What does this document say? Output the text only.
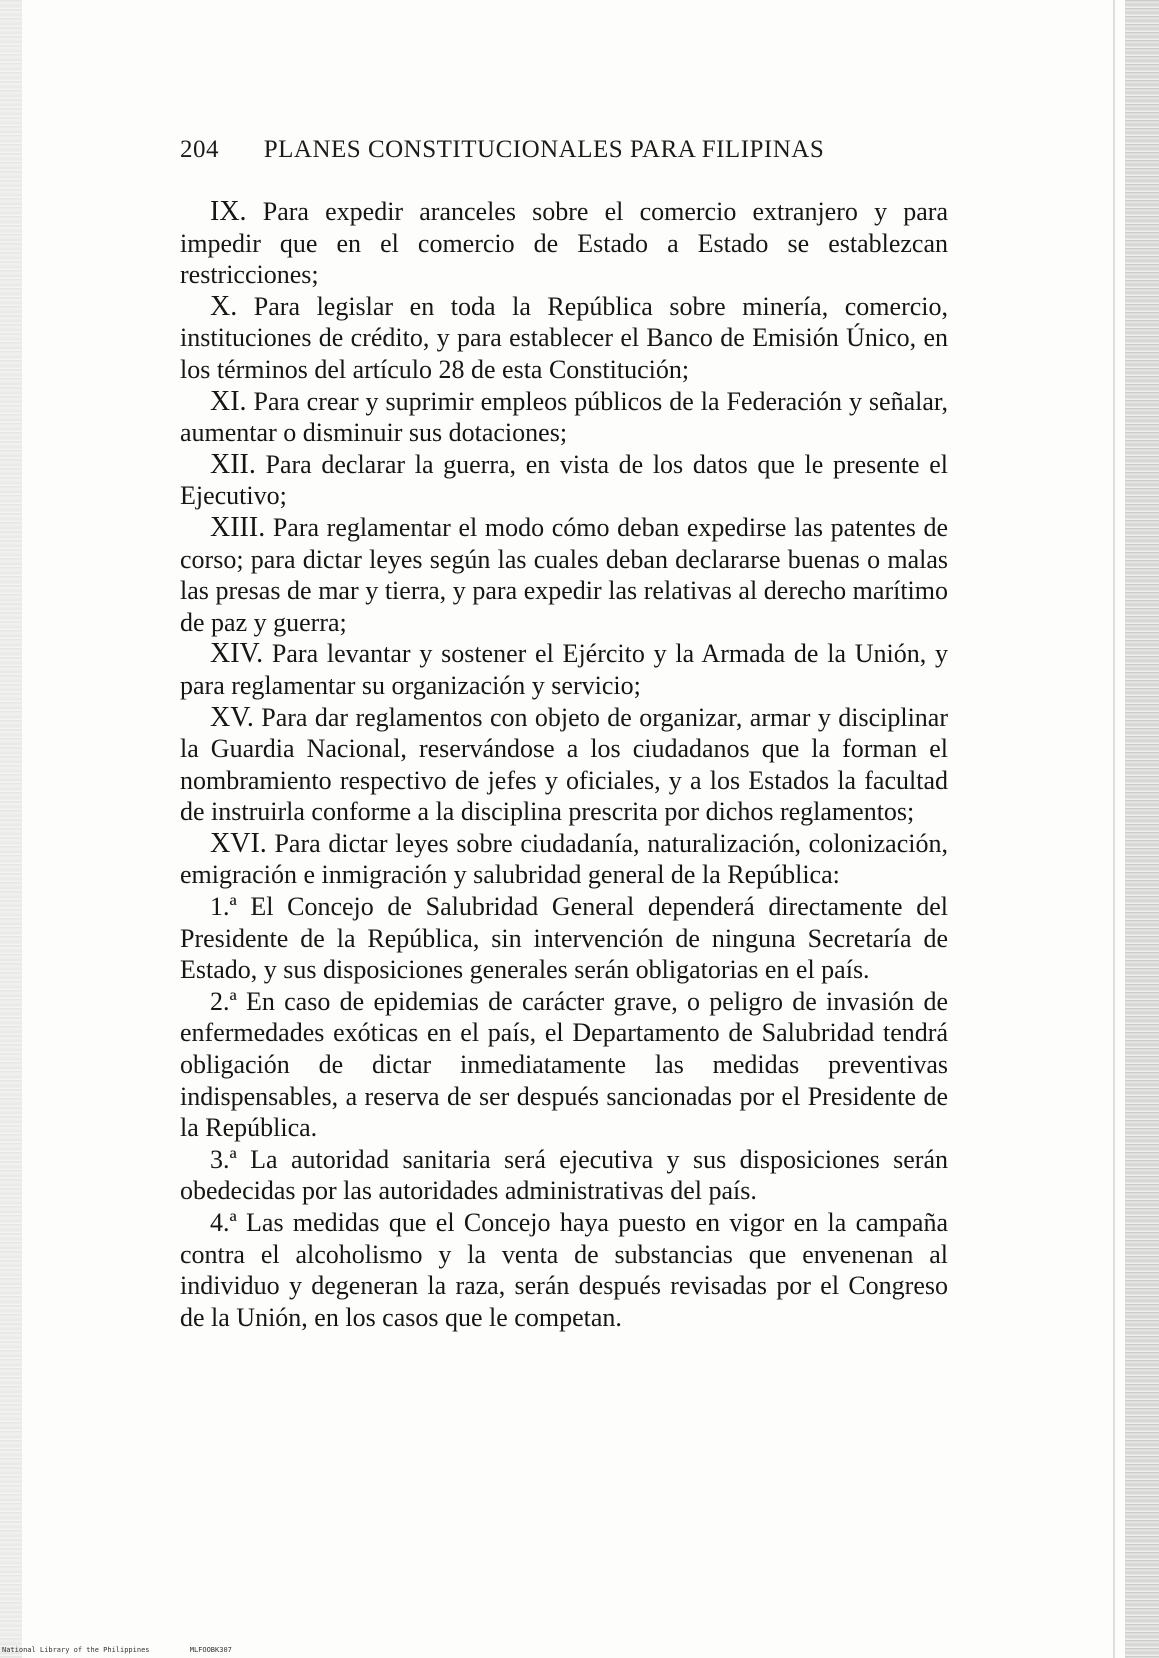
204 PLANES CONSTITUCIONALES PARA FILIPINAS

IX. Para expedir aranceles sobre el comercio extranjero y para impedir que en el comercio de Estado a Estado se establezcan restricciones;

X. Para legislar en toda la República sobre minería, comercio, instituciones de crédito, y para establecer el Banco de Emisión Único, en los términos del artículo 28 de esta Constitución;

XI. Para crear y suprimir empleos públicos de la Federación y señalar, aumentar o disminuir sus dotaciones;

XII. Para declarar la guerra, en vista de los datos que le presente el Ejecutivo;

XIII. Para reglamentar el modo cómo deban expedirse las patentes de corso; para dictar leyes según las cuales deban declararse buenas o malas las presas de mar y tierra, y para expedir las relativas al derecho marítimo de paz y guerra;

XIV. Para levantar y sostener el Ejército y la Armada de la Unión, y para reglamentar su organización y servicio;

XV. Para dar reglamentos con objeto de organizar, armar y disciplinar la Guardia Nacional, reservándose a los ciudadanos que la forman el nombramiento respectivo de jefes y oficiales, y a los Estados la facultad de instruirla conforme a la disciplina prescrita por dichos reglamentos;

XVI. Para dictar leyes sobre ciudadanía, naturalización, colonización, emigración e inmigración y salubridad general de la República:

1.ª El Concejo de Salubridad General dependerá directamente del Presidente de la República, sin intervención de ninguna Secretaría de Estado, y sus disposiciones generales serán obligatorias en el país.

2.ª En caso de epidemias de carácter grave, o peligro de invasión de enfermedades exóticas en el país, el Departamento de Salubridad tendrá obligación de dictar inmediatamente las medidas preventivas indispensables, a reserva de ser después sancionadas por el Presidente de la República.

3.ª La autoridad sanitaria será ejecutiva y sus disposiciones serán obedecidas por las autoridades administrativas del país.

4.ª Las medidas que el Concejo haya puesto en vigor en la campaña contra el alcoholismo y la venta de substancias que envenenan al individuo y degeneran la raza, serán después revisadas por el Congreso de la Unión, en los casos que le competan.

National Library of the Philippines	MLFOOBK307
